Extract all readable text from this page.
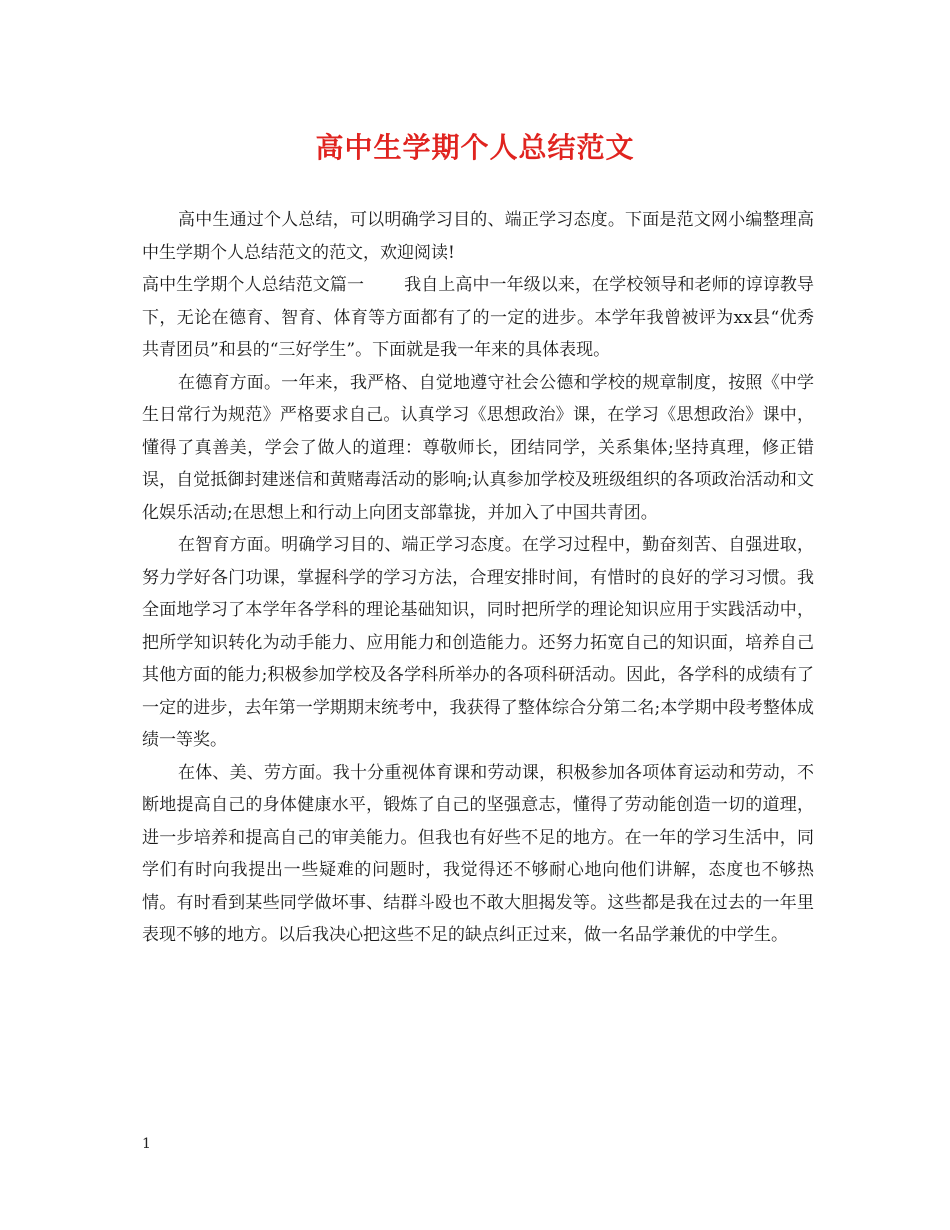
高中生学期个人总结范文

高中生通过个人总结，可以明确学习目的、端正学习态度。下面是范文网小编整理高中生学期个人总结范文的范文，欢迎阅读!

高中生学期个人总结范文篇一 我自上高中一年级以来，在学校领导和老师的谆谆教导下，无论在德育、智育、体育等方面都有了的一定的进步。本学年我曾被评为xx县“优秀共青团员”和县的“三好学生”。下面就是我一年来的具体表现。

在德育方面。一年来，我严格、自觉地遵守社会公德和学校的规章制度，按照《中学生日常行为规范》严格要求自己。认真学习《思想政治》课，在学习《思想政治》课中，懂得了真善美，学会了做人的道理：尊敬师长，团结同学，关系集体;坚持真理，修正错误，自觉抵御封建迷信和黄赌毒活动的影响;认真参加学校及班级组织的各项政治活动和文化娱乐活动;在思想上和行动上向团支部靠拢，并加入了中国共青团。

在智育方面。明确学习目的、端正学习态度。在学习过程中，勤奋刻苦、自强进取，努力学好各门功课，掌握科学的学习方法，合理安排时间，有惜时的良好的学习习惯。我全面地学习了本学年各学科的理论基础知识，同时把所学的理论知识应用于实践活动中，把所学知识转化为动手能力、应用能力和创造能力。还努力拓宽自己的知识面，培养自己其他方面的能力;积极参加学校及各学科所举办的各项科研活动。因此，各学科的成绩有了一定的进步，去年第一学期期末统考中，我获得了整体综合分第二名;本学期中段考整体成绩一等奖。

在体、美、劳方面。我十分重视体育课和劳动课，积极参加各项体育运动和劳动，不断地提高自己的身体健康水平，锻炼了自己的坚强意志，懂得了劳动能创造一切的道理，进一步培养和提高自己的审美能力。但我也有好些不足的地方。在一年的学习生活中，同学们有时向我提出一些疑难的问题时，我觉得还不够耐心地向他们讲解，态度也不够热情。有时看到某些同学做坏事、结群斗殴也不敢大胆揭发等。这些都是我在过去的一年里表现不够的地方。以后我决心把这些不足的缺点纠正过来，做一名品学兼优的中学生。

1
